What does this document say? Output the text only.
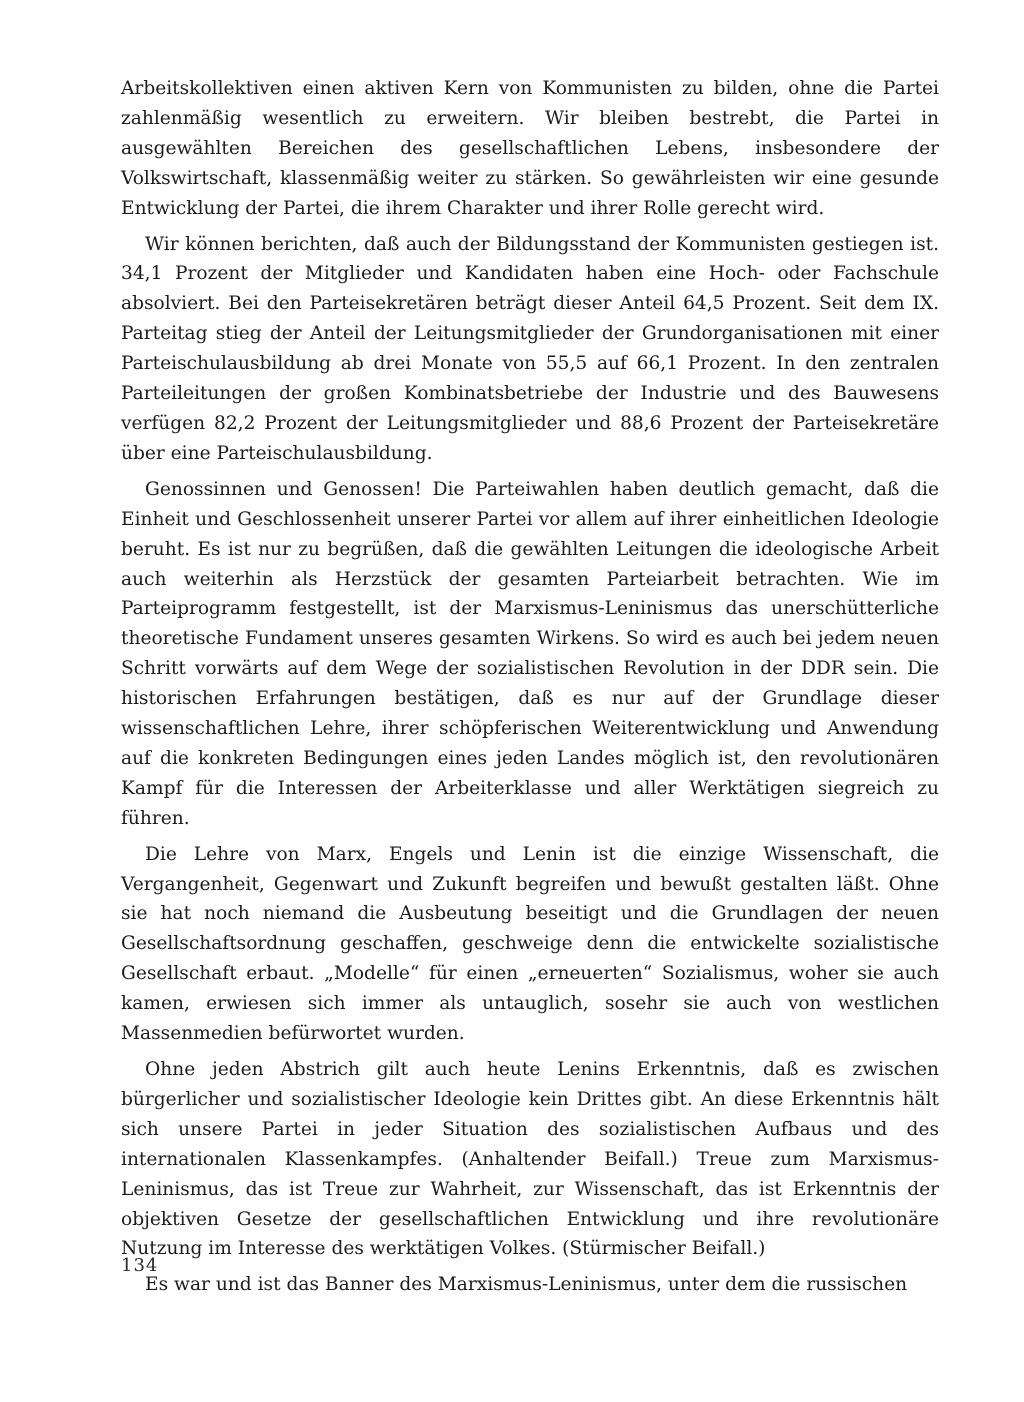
Arbeitskollektiven einen aktiven Kern von Kommunisten zu bilden, ohne die Partei zahlenmäßig wesentlich zu erweitern. Wir bleiben bestrebt, die Partei in ausgewählten Bereichen des gesellschaftlichen Lebens, insbesondere der Volkswirtschaft, klassenmäßig weiter zu stärken. So gewährleisten wir eine gesunde Entwicklung der Partei, die ihrem Charakter und ihrer Rolle gerecht wird.

Wir können berichten, daß auch der Bildungsstand der Kommunisten gestiegen ist. 34,1 Prozent der Mitglieder und Kandidaten haben eine Hoch- oder Fachschule absolviert. Bei den Parteisekretären beträgt dieser Anteil 64,5 Prozent. Seit dem IX. Parteitag stieg der Anteil der Leitungsmitglieder der Grundorganisationen mit einer Parteischulausbildung ab drei Monate von 55,5 auf 66,1 Prozent. In den zentralen Parteileitungen der großen Kombinatsbetriebe der Industrie und des Bauwesens verfügen 82,2 Prozent der Leitungsmitglieder und 88,6 Prozent der Parteisekretäre über eine Parteischulausbildung.

Genossinnen und Genossen! Die Parteiwahlen haben deutlich gemacht, daß die Einheit und Geschlossenheit unserer Partei vor allem auf ihrer einheitlichen Ideologie beruht. Es ist nur zu begrüßen, daß die gewählten Leitungen die ideologische Arbeit auch weiterhin als Herzstück der gesamten Parteiarbeit betrachten. Wie im Parteiprogramm festgestellt, ist der Marxismus-Leninismus das unerschütterliche theoretische Fundament unseres gesamten Wirkens. So wird es auch bei jedem neuen Schritt vorwärts auf dem Wege der sozialistischen Revolution in der DDR sein. Die historischen Erfahrungen bestätigen, daß es nur auf der Grundlage dieser wissenschaftlichen Lehre, ihrer schöpferischen Weiterentwicklung und Anwendung auf die konkreten Bedingungen eines jeden Landes möglich ist, den revolutionären Kampf für die Interessen der Arbeiterklasse und aller Werktätigen siegreich zu führen.

Die Lehre von Marx, Engels und Lenin ist die einzige Wissenschaft, die Vergangenheit, Gegenwart und Zukunft begreifen und bewußt gestalten läßt. Ohne sie hat noch niemand die Ausbeutung beseitigt und die Grundlagen der neuen Gesellschaftsordnung geschaffen, geschweige denn die entwickelte sozialistische Gesellschaft erbaut. „Modelle“ für einen „erneuerten“ Sozialismus, woher sie auch kamen, erwiesen sich immer als untauglich, sosehr sie auch von westlichen Massenmedien befürwortet wurden.

Ohne jeden Abstrich gilt auch heute Lenins Erkenntnis, daß es zwischen bürgerlicher und sozialistischer Ideologie kein Drittes gibt. An diese Erkenntnis hält sich unsere Partei in jeder Situation des sozialistischen Aufbaus und des internationalen Klassenkampfes. (Anhaltender Beifall.) Treue zum Marxismus-Leninismus, das ist Treue zur Wahrheit, zur Wissenschaft, das ist Erkenntnis der objektiven Gesetze der gesellschaftlichen Entwicklung und ihre revolutionäre Nutzung im Interesse des werktätigen Volkes. (Stürmischer Beifall.)

Es war und ist das Banner des Marxismus-Leninismus, unter dem die russischen

134
